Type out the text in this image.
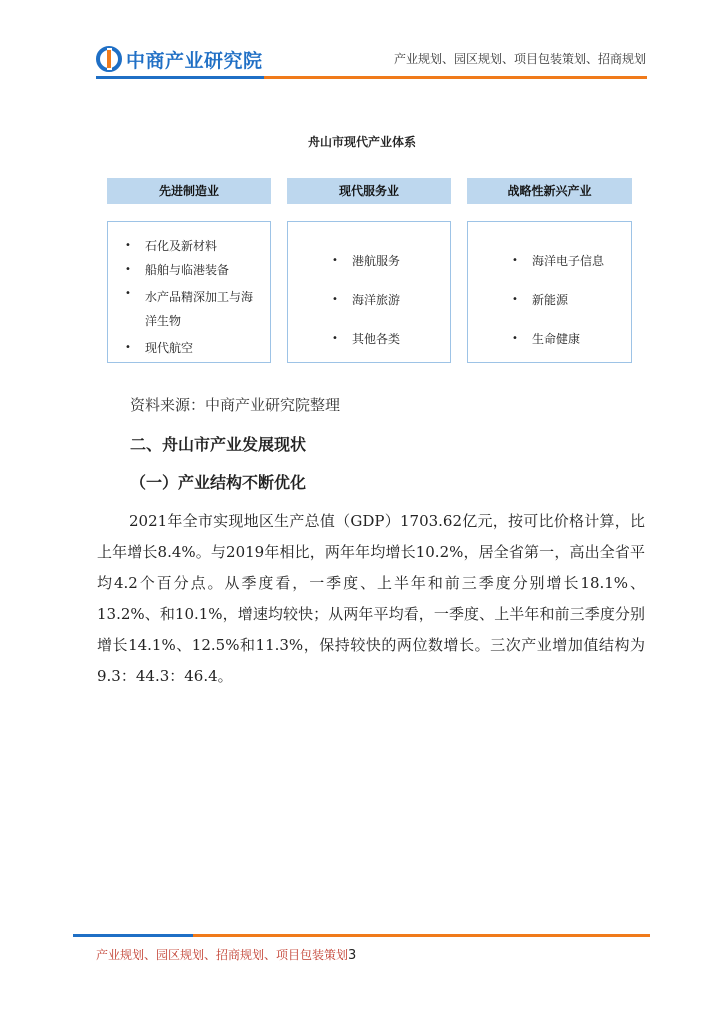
中商产业研究院	产业规划、园区规划、项目包装策划、招商规划
舟山市现代产业体系
先进制造业	现代服务业	战略性新兴产业
• 石化及新材料
• 船舶与临港装备
• 水产品精深加工与海洋生物
• 现代航空
• 港航服务
• 海洋旅游
• 其他各类
• 海洋电子信息
• 新能源
• 生命健康
资料来源：中商产业研究院整理
二、舟山市产业发展现状
（一）产业结构不断优化
2021年全市实现地区生产总值（GDP）1703.62亿元，按可比价格计算，比上年增长8.4%。与2019年相比，两年年均增长10.2%，居全省第一，高出全省平均4.2个百分点。从季度看，一季度、上半年和前三季度分别增长18.1%、13.2%、和10.1%，增速均较快；从两年平均看，一季度、上半年和前三季度分别增长14.1%、12.5%和11.3%，保持较快的两位数增长。三次产业增加值结构为9.3：44.3：46.4。
产业规划、园区规划、招商规划、项目包装策划3
